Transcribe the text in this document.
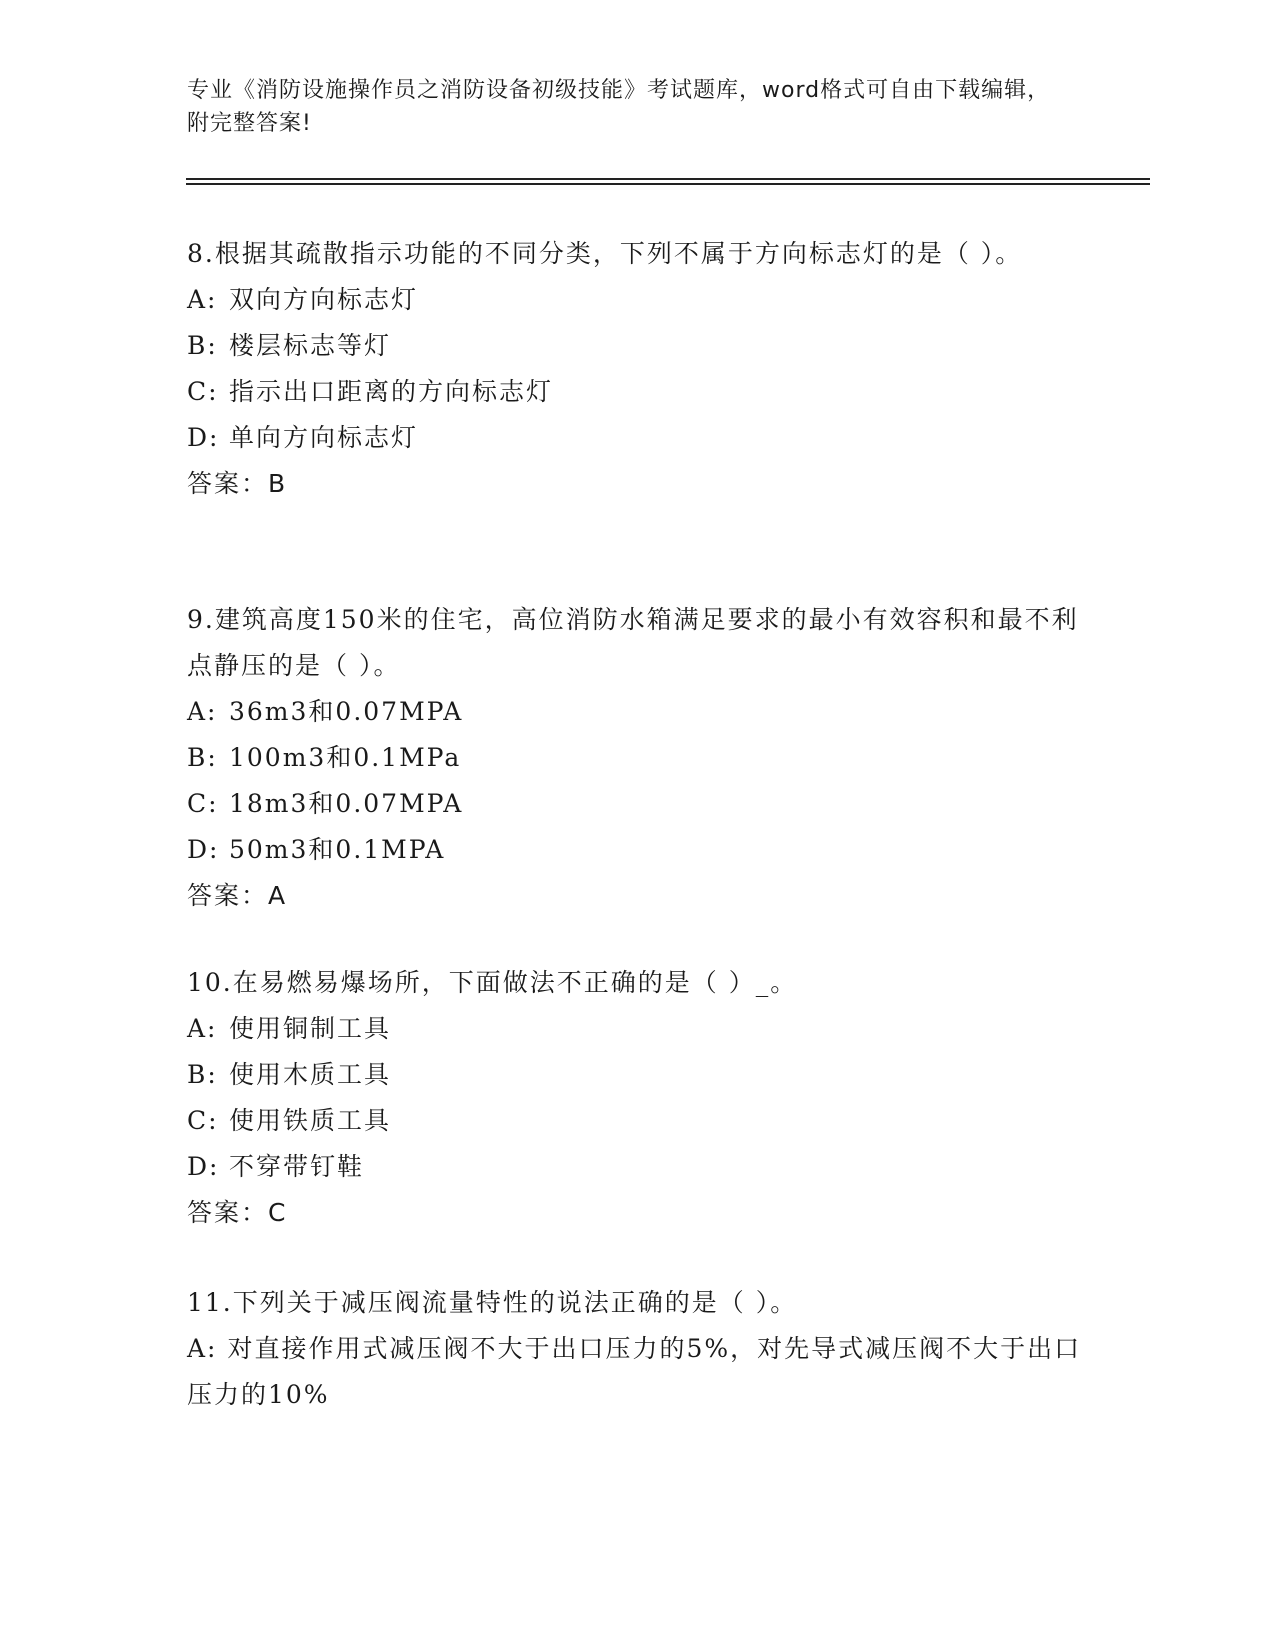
专业《消防设施操作员之消防设备初级技能》考试题库，word格式可自由下载编辑，附完整答案!

8.根据其疏散指示功能的不同分类，下列不属于方向标志灯的是（ ）。

A: 双向方向标志灯

B: 楼层标志等灯

C: 指示出口距离的方向标志灯

D: 单向方向标志灯

答案：B

9.建筑高度150米的住宅，高位消防水箱满足要求的最小有效容积和最不利点静压的是（ ）。

A: 36m3和0.07MPA

B: 100m3和0.1MPa

C: 18m3和0.07MPA

D: 50m3和0.1MPA

答案：A

10.在易燃易爆场所，下面做法不正确的是（ ）_。

A: 使用铜制工具

B: 使用木质工具

C: 使用铁质工具

D: 不穿带钉鞋

答案：C

11.下列关于减压阀流量特性的说法正确的是（ ）。

A: 对直接作用式减压阀不大于出口压力的5%，对先导式减压阀不大于出口压力的10%
